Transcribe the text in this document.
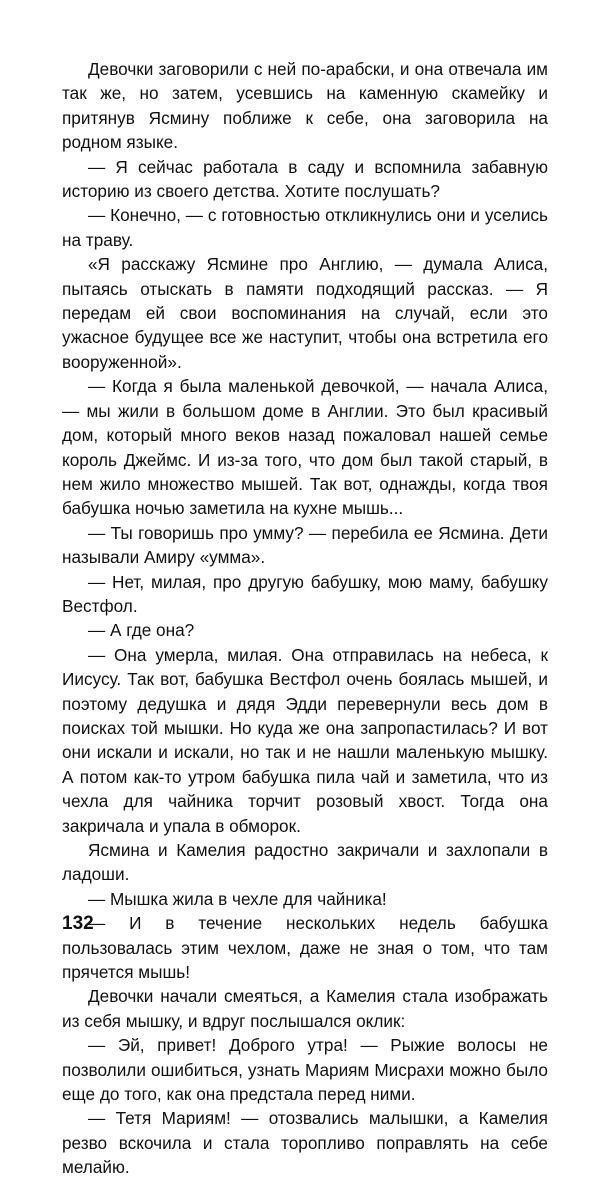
Девочки заговорили с ней по-арабски, и она отвечала им так же, но затем, усевшись на каменную скамейку и притянув Ясмину поближе к себе, она заговорила на родном языке.

— Я сейчас работала в саду и вспомнила забавную историю из своего детства. Хотите послушать?

— Конечно, — с готовностью откликнулись они и уселись на траву.

«Я расскажу Ясмине про Англию, — думала Алиса, пытаясь отыскать в памяти подходящий рассказ. — Я передам ей свои воспоминания на случай, если это ужасное будущее все же наступит, чтобы она встретила его вооруженной».

— Когда я была маленькой девочкой, — начала Алиса, — мы жили в большом доме в Англии. Это был красивый дом, который много веков назад пожаловал нашей семье король Джеймс. И из-за того, что дом был такой старый, в нем жило множество мышей. Так вот, однажды, когда твоя бабушка ночью заметила на кухне мышь...

— Ты говоришь про умму? — перебила ее Ясмина. Дети называли Амиру «умма».

— Нет, милая, про другую бабушку, мою маму, бабушку Вестфол.

— А где она?

— Она умерла, милая. Она отправилась на небеса, к Иисусу. Так вот, бабушка Вестфол очень боялась мышей, и поэтому дедушка и дядя Эдди перевернули весь дом в поисках той мышки. Но куда же она запропастилась? И вот они искали и искали, но так и не нашли маленькую мышку. А потом как-то утром бабушка пила чай и заметила, что из чехла для чайника торчит розовый хвост. Тогда она закричала и упала в обморок.

Ясмина и Камелия радостно закричали и захлопали в ладоши.

— Мышка жила в чехле для чайника!

— И в течение нескольких недель бабушка пользовалась этим чехлом, даже не зная о том, что там прячется мышь!

Девочки начали смеяться, а Камелия стала изображать из себя мышку, и вдруг послышался оклик:

— Эй, привет! Доброго утра! — Рыжие волосы не позволили ошибиться, узнать Мариям Мисрахи можно было еще до того, как она предстала перед ними.

— Тетя Мариям! — отозвались малышки, а Камелия резво вскочила и стала торопливо поправлять на себе мелайю.

132
